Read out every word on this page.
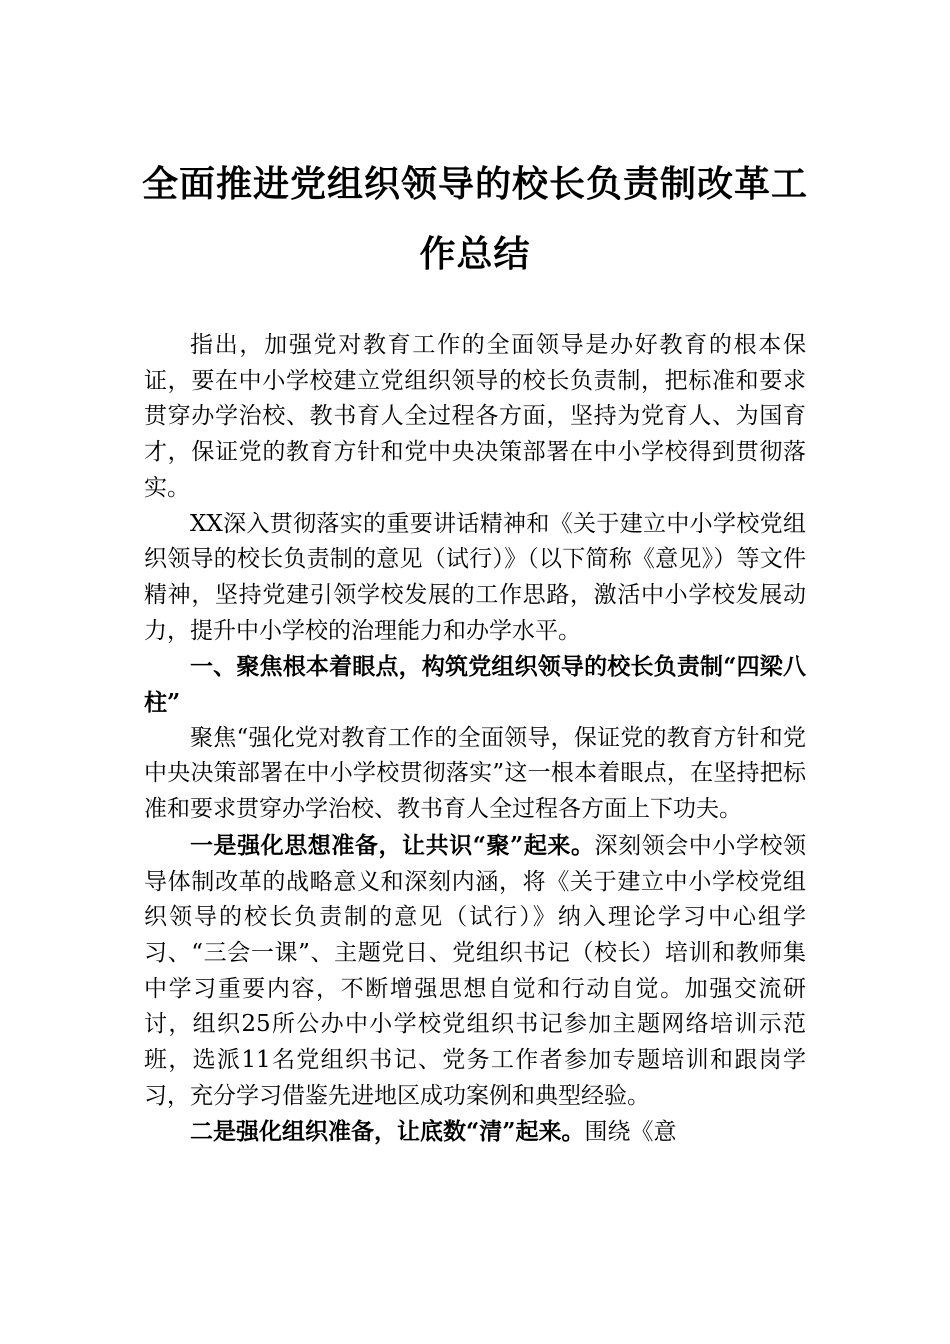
全面推进党组织领导的校长负责制改革工
作总结

指出，加强党对教育工作的全面领导是办好教育的根本保证，要在中小学校建立党组织领导的校长负责制，把标准和要求贯穿办学治校、教书育人全过程各方面，坚持为党育人、为国育才，保证党的教育方针和党中央决策部署在中小学校得到贯彻落实。

XX深入贯彻落实的重要讲话精神和《关于建立中小学校党组织领导的校长负责制的意见（试行）》（以下简称《意见》）等文件精神，坚持党建引领学校发展的工作思路，激活中小学校发展动力，提升中小学校的治理能力和办学水平。

一、聚焦根本着眼点，构筑党组织领导的校长负责制“四梁八柱”

聚焦“强化党对教育工作的全面领导，保证党的教育方针和党中央决策部署在中小学校贯彻落实”这一根本着眼点，在坚持把标准和要求贯穿办学治校、教书育人全过程各方面上下功夫。

一是强化思想准备，让共识“聚”起来。深刻领会中小学校领导体制改革的战略意义和深刻内涵，将《关于建立中小学校党组织领导的校长负责制的意见（试行）》纳入理论学习中心组学习、“三会一课”、主题党日、党组织书记（校长）培训和教师集中学习重要内容，不断增强思想自觉和行动自觉。加强交流研讨，组织25所公办中小学校党组织书记参加主题网络培训示范班，选派11名党组织书记、党务工作者参加专题培训和跟岗学习，充分学习借鉴先进地区成功案例和典型经验。

二是强化组织准备，让底数“清”起来。围绕《意
